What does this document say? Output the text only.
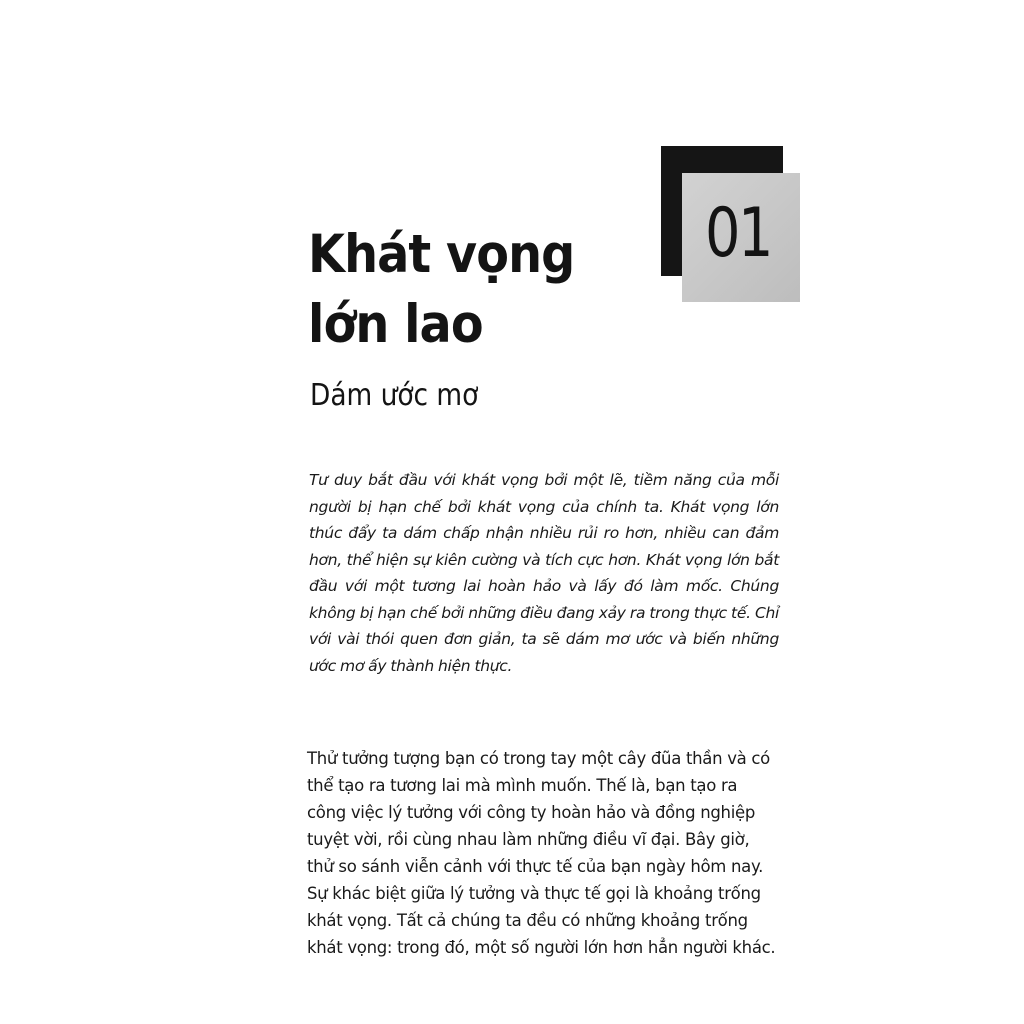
01
Khát vọng
lớn lao
Dám ước mơ

Tư duy bắt đầu với khát vọng bởi một lẽ, tiềm năng của mỗi người bị hạn chế bởi khát vọng của chính ta. Khát vọng lớn thúc đẩy ta dám chấp nhận nhiều rủi ro hơn, nhiều can đảm hơn, thể hiện sự kiên cường và tích cực hơn. Khát vọng lớn bắt đầu với một tương lai hoàn hảo và lấy đó làm mốc. Chúng không bị hạn chế bởi những điều đang xảy ra trong thực tế. Chỉ với vài thói quen đơn giản, ta sẽ dám mơ ước và biến những ước mơ ấy thành hiện thực.

Thử tưởng tượng bạn có trong tay một cây đũa thần và có thể tạo ra tương lai mà mình muốn. Thế là, bạn tạo ra công việc lý tưởng với công ty hoàn hảo và đồng nghiệp tuyệt vời, rồi cùng nhau làm những điều vĩ đại. Bây giờ, thử so sánh viễn cảnh với thực tế của bạn ngày hôm nay. Sự khác biệt giữa lý tưởng và thực tế gọi là khoảng trống khát vọng. Tất cả chúng ta đều có những khoảng trống khát vọng: trong đó, một số người lớn hơn hẳn người khác.
